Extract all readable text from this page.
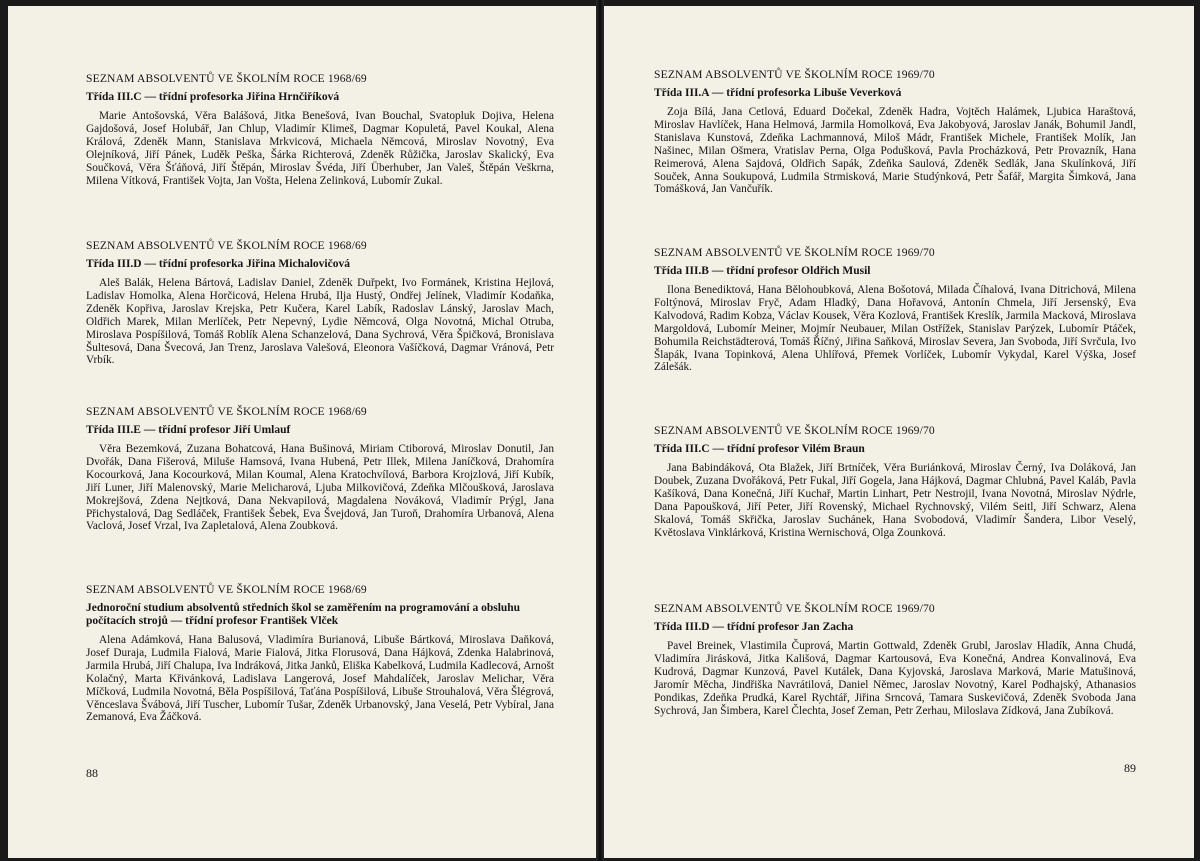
SEZNAM ABSOLVENTŮ VE ŠKOLNÍM ROCE 1968/69

Třída III.C — třídní profesorka Jiřina Hrnčiříková

Marie Antošovská, Věra Balášová, Jitka Benešová, Ivan Bouchal, Svatopluk Dojiva, Helena Gajdošová, Josef Holubář, Jan Chlup, Vladimír Klimeš, Dagmar Kopuletá, Pavel Koukal, Alena Králová, Zdeněk Mann, Stanislava Mrkvicová, Michaela Němcová, Miroslav Novotný, Eva Olejníková, Jiří Pánek, Luděk Peška, Šárka Richterová, Zdeněk Růžička, Jaroslav Skalický, Eva Součková, Věra Šťáňová, Jiří Štěpán, Miroslav Švéda, Jiří Überhuber, Jan Valeš, Štěpán Veškrna, Milena Vítková, František Vojta, Jan Vošta, Helena Zelinková, Lubomír Zukal.

SEZNAM ABSOLVENTŮ VE ŠKOLNÍM ROCE 1968/69

Třída III.D — třídní profesorka Jiřina Michalovičová

Aleš Balák, Helena Bártová, Ladislav Daniel, Zdeněk Duřpekt, Ivo Formánek, Kristina Hejlová, Ladislav Homolka, Alena Horčicová, Helena Hrubá, Ilja Hustý, Ondřej Jelínek, Vladimír Kodaňka, Zdeněk Kopřiva, Jaroslav Krejska, Petr Kučera, Karel Labík, Radoslav Lánský, Jaroslav Mach, Oldřich Marek, Milan Merlíček, Petr Nepevný, Lydie Němcová, Olga Novotná, Michal Otruba, Miroslava Pospíšilová, Tomáš Roblík Alena Schanzelová, Dana Sychrová, Věra Špičková, Bronislava Šultesová, Dana Švecová, Jan Trenz, Jaroslava Valešová, Eleonora Vašíčková, Dagmar Vránová, Petr Vrbík.

SEZNAM ABSOLVENTŮ VE ŠKOLNÍM ROCE 1968/69

Třída III.E — třídní profesor Jiří Umlauf

Věra Bezemková, Zuzana Bohatcová, Hana Bušinová, Miriam Ctiborová, Miroslav Donutil, Jan Dvořák, Dana Fišerová, Miluše Hamsová, Ivana Hubená, Petr Illek, Milena Janíčková, Drahomíra Kocourková, Jana Kocourková, Milan Koumal, Alena Kratochvílová, Barbora Krojzlová, Jiří Kubík, Jiří Luner, Jiří Malenovský, Marie Melicharová, Ljuba Milkovičová, Zdeňka Mlčoušková, Jaroslava Mokrejšová, Zdena Nejtková, Dana Nekvapilová, Magdalena Nováková, Vladimír Prýgl, Jana Přichystalová, Dag Sedláček, František Šebek, Eva Švejdová, Jan Turoň, Drahomíra Urbanová, Alena Vaclová, Josef Vrzal, Iva Zapletalová, Alena Zoubková.

SEZNAM ABSOLVENTŮ VE ŠKOLNÍM ROCE 1968/69

Jednoroční studium absolventů středních škol se zaměřením na programování a obsluhu počítacích strojů — třídní profesor František Vlček

Alena Adámková, Hana Balusová, Vladimíra Burianová, Libuše Bártková, Miroslava Daňková, Josef Duraja, Ludmila Fialová, Marie Fialová, Jitka Florusová, Dana Hájková, Zdenka Halabrinová, Jarmila Hrubá, Jiří Chalupa, Iva Indráková, Jitka Janků, Eliška Kabelková, Ludmila Kadlecová, Arnošt Kolačný, Marta Křivánková, Ladislava Langerová, Josef Mahdalíček, Jaroslav Melichar, Věra Míčková, Ludmila Novotná, Běla Pospíšilová, Taťána Pospíšilová, Libuše Strouhalová, Věra Šlégrová, Věnceslava Švábová, Jiří Tuscher, Lubomír Tušar, Zdeněk Urbanovský, Jana Veselá, Petr Vybíral, Jana Zemanová, Eva Žáčková.

88

SEZNAM ABSOLVENTŮ VE ŠKOLNÍM ROCE 1969/70

Třída III.A — třídní profesorka Libuše Veverková

Zoja Bílá, Jana Cetlová, Eduard Dočekal, Zdeněk Hadra, Vojtěch Halámek, Ljubica Haraštová, Miroslav Havlíček, Hana Helmová, Jarmila Homolková, Eva Jakobyová, Jaroslav Janák, Bohumil Jandl, Stanislava Kunstová, Zdeňka Lachmannová, Miloš Mádr, František Michele, František Molík, Jan Našinec, Milan Ošmera, Vratislav Perna, Olga Podušková, Pavla Procházková, Petr Provazník, Hana Reimerová, Alena Sajdová, Oldřich Sapák, Zdeňka Saulová, Zdeněk Sedlák, Jana Skulínková, Jiří Souček, Anna Soukupová, Ludmila Strmisková, Marie Studýnková, Petr Šafář, Margita Šimková, Jana Tomášková, Jan Vančuřík.

SEZNAM ABSOLVENTŮ VE ŠKOLNÍM ROCE 1969/70

Třída III.B — třídní profesor Oldřich Musil

Ilona Benediktová, Hana Bělohoubková, Alena Bošotová, Milada Číhalová, Ivana Ditrichová, Milena Foltýnová, Miroslav Fryč, Adam Hladký, Dana Hořavová, Antonín Chmela, Jiří Jersenský, Eva Kalvodová, Radim Kobza, Václav Kousek, Věra Kozlová, František Kreslík, Jarmila Macková, Miroslava Margoldová, Lubomír Meiner, Mojmír Neubauer, Milan Ostřížek, Stanislav Parýzek, Lubomír Ptáček, Bohumila Reichstädterová, Tomáš Říčný, Jiřina Saňková, Miroslav Severa, Jan Svoboda, Jiří Svrčula, Ivo Šlapák, Ivana Topinková, Alena Uhlířová, Přemek Vorlíček, Lubomír Vykydal, Karel Výška, Josef Zálešák.

SEZNAM ABSOLVENTŮ VE ŠKOLNÍM ROCE 1969/70

Třída III.C — třídní profesor Vilém Braun

Jana Babindáková, Ota Blažek, Jiří Brtníček, Věra Buriánková, Miroslav Černý, Iva Doláková, Jan Doubek, Zuzana Dvořáková, Petr Fukal, Jiří Gogela, Jana Hájková, Dagmar Chlubná, Pavel Kaláb, Pavla Kašíková, Dana Konečná, Jiří Kuchař, Martin Linhart, Petr Nestrojil, Ivana Novotná, Miroslav Nýdrle, Dana Papoušková, Jiří Peter, Jiří Rovenský, Michael Rychnovský, Vilém Seitl, Jiří Schwarz, Alena Skalová, Tomáš Skřička, Jaroslav Suchánek, Hana Svobodová, Vladimír Šandera, Libor Veselý, Květoslava Vinklárková, Kristina Wernischová, Olga Zounková.

SEZNAM ABSOLVENTŮ VE ŠKOLNÍM ROCE 1969/70

Třída III.D — třídní profesor Jan Zacha

Pavel Breinek, Vlastimila Čuprová, Martin Gottwald, Zdeněk Grubl, Jaroslav Hladík, Anna Chudá, Vladimíra Jirásková, Jitka Kališová, Dagmar Kartousová, Eva Konečná, Andrea Konvalinová, Eva Kudrová, Dagmar Kunzová, Pavel Kutálek, Dana Kyjovská, Jaroslava Marková, Marie Matušinová, Jaromír Měcha, Jindřiška Navrátilová, Daniel Němec, Jaroslav Novotný, Karel Podhajský, Athanasios Pondikas, Zdeňka Prudká, Karel Rychtář, Jiřina Srncová, Tamara Suskevičová, Zdeněk Svoboda Jana Sychrová, Jan Šimbera, Karel Člechta, Josef Zeman, Petr Zerhau, Miloslava Zídková, Jana Zubíková.

89
